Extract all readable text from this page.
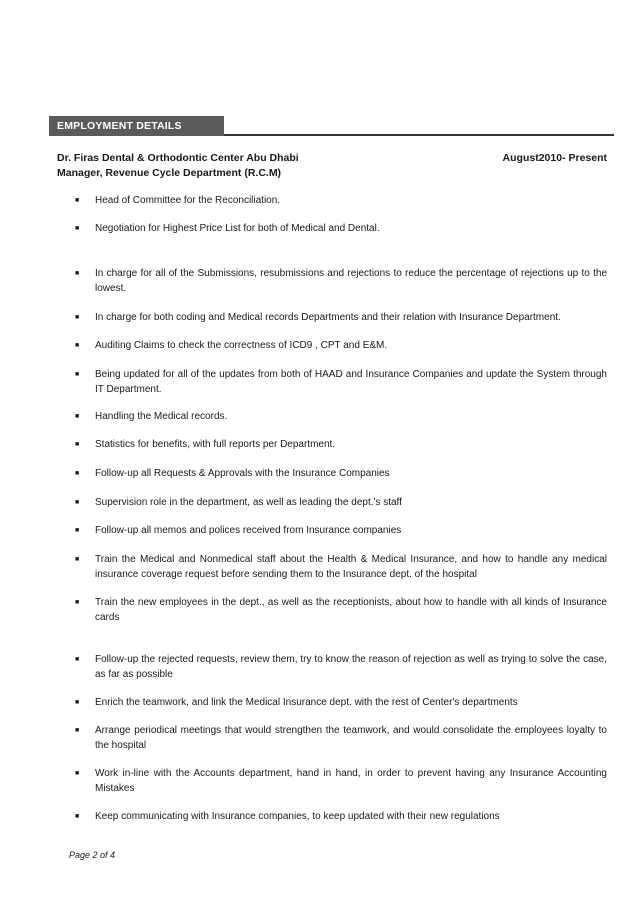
EMPLOYMENT DETAILS
Dr. Firas Dental & Orthodontic Center Abu Dhabi	August2010- Present
Manager, Revenue Cycle Department (R.C.M)
■	Head of Committee for the Reconciliation.
■	Negotiation for Highest Price List for both of Medical and Dental.
■	In charge for all of the Submissions, resubmissions and rejections to reduce the percentage of rejections up to the lowest.
■	In charge for both coding and Medical records Departments and their relation with Insurance Department.
■	Auditing Claims to check the correctness of ICD9 , CPT and E&M.
■	Being updated for all of the updates from both of HAAD and Insurance Companies and update the System through IT Department.
■	Handling the Medical records.
■	Statistics for benefits, with full reports per Department.
■	Follow-up all Requests & Approvals with the Insurance Companies
■	Supervision role in the department, as well as leading the dept.'s staff
■	Follow-up all memos and polices received from Insurance companies
■	Train the Medical and Nonmedical staff about the Health & Medical Insurance, and how to handle any medical insurance coverage request before sending them to the Insurance dept. of the hospital
■	Train the new employees in the dept., as well as the receptionists, about how to handle with all kinds of Insurance cards
■	Follow-up the rejected requests, review them, try to know the reason of rejection as well as trying to solve the case, as far as possible
■	Enrich the teamwork, and link the Medical Insurance dept. with the rest of Center's departments
■	Arrange periodical meetings that would strengthen the teamwork, and would consolidate the employees loyalty to the hospital
■	Work in-line with the Accounts department, hand in hand, in order to prevent having any Insurance Accounting Mistakes
■	Keep communicating with Insurance companies, to keep updated with their new regulations
Page 2 of 4
